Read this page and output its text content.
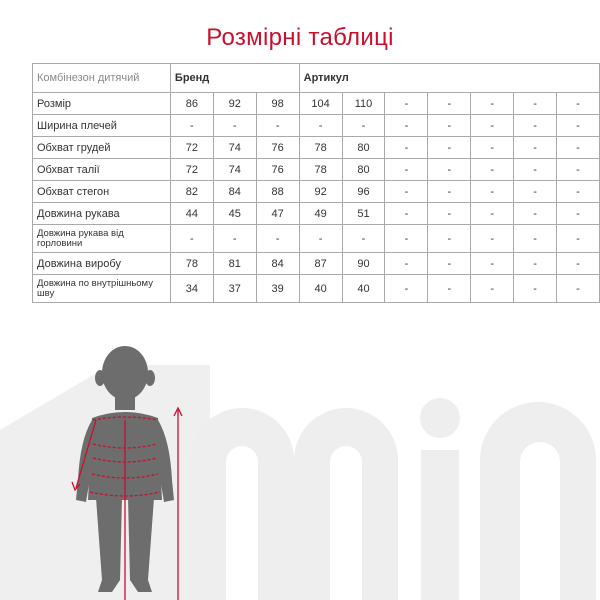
Розмірні таблиці
Комбінезон дитячий	Бренд			Артикул						
Розмір	86	92	98	104	110	-	-	-	-	-
Ширина плечей	-	-	-	-	-	-	-	-	-	-
Обхват грудей	72	74	76	78	80	-	-	-	-	-
Обхват талії	72	74	76	78	80	-	-	-	-	-
Обхват стегон	82	84	88	92	96	-	-	-	-	-
Довжина рукава	44	45	47	49	51	-	-	-	-	-
Довжина рукава від горловини	-	-	-	-	-	-	-	-	-	-
Довжина виробу	78	81	84	87	90	-	-	-	-	-
Довжина по внутрішньому шву	34	37	39	40	40	-	-	-	-	-
